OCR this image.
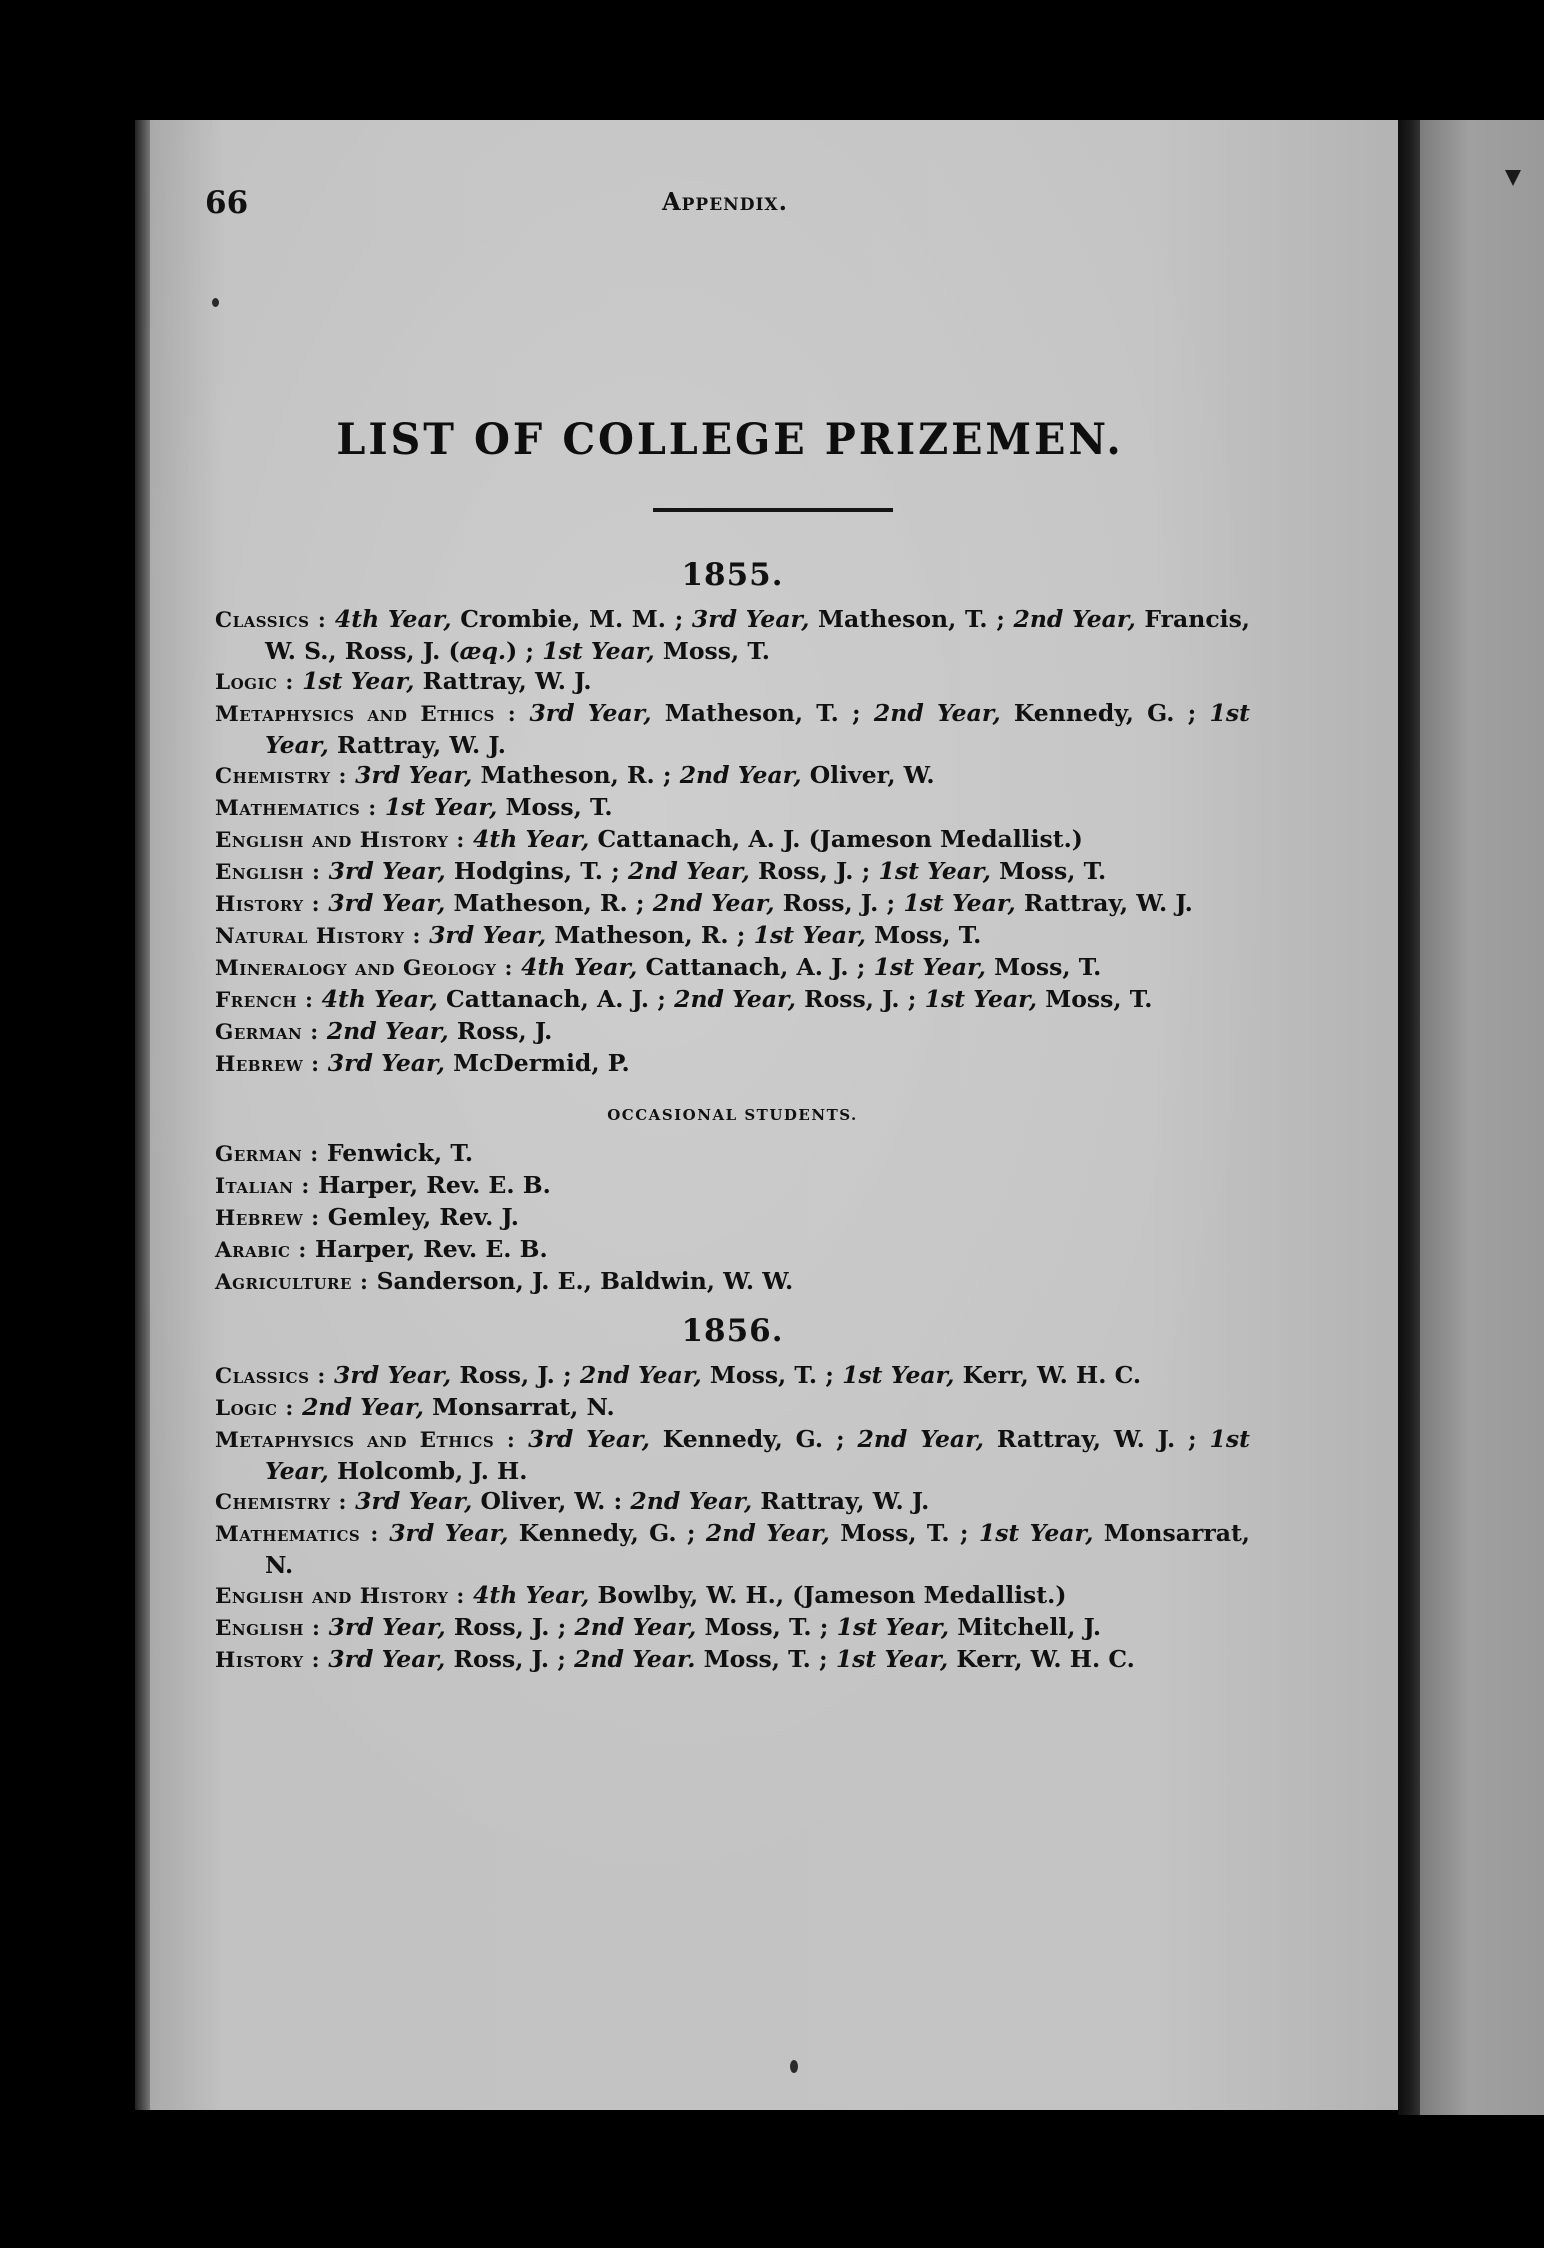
66	Appendix.
LIST OF COLLEGE PRIZEMEN.
1855.

Classics : 4th Year, Crombie, M. M. ; 3rd Year, Matheson, T. ; 2nd Year, Francis, W. S., Ross, J. (æq.) ; 1st Year, Moss, T.

Logic : 1st Year, Rattray, W. J.

Metaphysics and Ethics : 3rd Year, Matheson, T. ; 2nd Year, Kennedy, G. ; 1st Year, Rattray, W. J.

Chemistry : 3rd Year, Matheson, R. ; 2nd Year, Oliver, W.

Mathematics : 1st Year, Moss, T.

English and History : 4th Year, Cattanach, A. J. (Jameson Medallist.)

English : 3rd Year, Hodgins, T. ; 2nd Year, Ross, J. ; 1st Year, Moss, T.

History : 3rd Year, Matheson, R. ; 2nd Year, Ross, J. ; 1st Year, Rattray, W. J.

Natural History : 3rd Year, Matheson, R. ; 1st Year, Moss, T.

Mineralogy and Geology : 4th Year, Cattanach, A. J. ; 1st Year, Moss, T.

French : 4th Year, Cattanach, A. J. ; 2nd Year, Ross, J. ; 1st Year, Moss, T.

German : 2nd Year, Ross, J.

Hebrew : 3rd Year, McDermid, P.

OCCASIONAL STUDENTS.

German : Fenwick, T.

Italian : Harper, Rev. E. B.

Hebrew : Gemley, Rev. J.

Arabic : Harper, Rev. E. B.

Agriculture : Sanderson, J. E., Baldwin, W. W.

1856.

Classics : 3rd Year, Ross, J. ; 2nd Year, Moss, T. ; 1st Year, Kerr, W. H. C.

Logic : 2nd Year, Monsarrat, N.

Metaphysics and Ethics : 3rd Year, Kennedy, G. ; 2nd Year, Rattray, W. J. ; 1st Year, Holcomb, J. H.

Chemistry : 3rd Year, Oliver, W. : 2nd Year, Rattray, W. J.

Mathematics : 3rd Year, Kennedy, G. ; 2nd Year, Moss, T. ; 1st Year, Monsarrat, N.

English and History : 4th Year, Bowlby, W. H., (Jameson Medallist.)

English : 3rd Year, Ross, J. ; 2nd Year, Moss, T. ; 1st Year, Mitchell, J.

History : 3rd Year, Ross, J. ; 2nd Year. Moss, T. ; 1st Year, Kerr, W. H. C.
